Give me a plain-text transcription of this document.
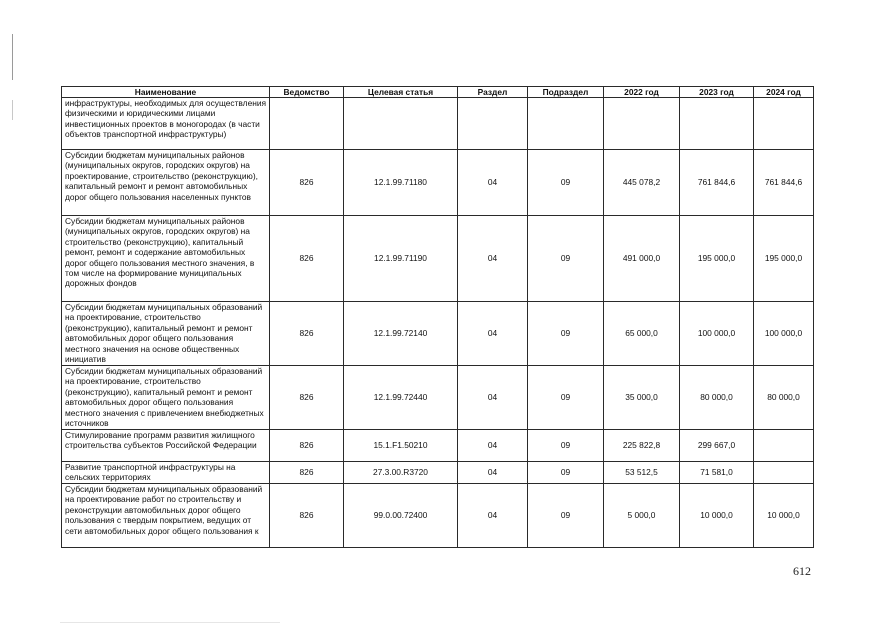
Наименование	Ведомство	Целевая статья	Раздел	Подраздел	2022 год	2023 год	2024 год
инфраструктуры, необходимых для осуществления физическими и юридическими лицами инвестиционных проектов в моногородах (в части объектов транспортной инфраструктуры)							
Субсидии бюджетам муниципальных районов (муниципальных округов, городских округов) на проектирование, строительство (реконструкцию), капитальный ремонт и ремонт автомобильных дорог общего пользования населенных пунктов	826	12.1.99.71180	04	09	445 078,2	761 844,6	761 844,6
Субсидии бюджетам муниципальных районов (муниципальных округов, городских округов) на строительство (реконструкцию), капитальный ремонт, ремонт и содержание автомобильных дорог общего пользования местного значения, в том числе на формирование муниципальных дорожных фондов	826	12.1.99.71190	04	09	491 000,0	195 000,0	195 000,0
Субсидии бюджетам муниципальных образований на проектирование, строительство (реконструкцию), капитальный ремонт и ремонт автомобильных дорог общего пользования местного значения на основе общественных инициатив	826	12.1.99.72140	04	09	65 000,0	100 000,0	100 000,0
Субсидии бюджетам муниципальных образований на проектирование, строительство (реконструкцию), капитальный ремонт и ремонт автомобильных дорог общего пользования местного значения с привлечением внебюджетных источников	826	12.1.99.72440	04	09	35 000,0	80 000,0	80 000,0
Стимулирование программ развития жилищного строительства субъектов Российской Федерации	826	15.1.F1.50210	04	09	225 822,8	299 667,0	
Развитие транспортной инфраструктуры на сельских территориях	826	27.3.00.R3720	04	09	53 512,5	71 581,0	
Субсидии бюджетам муниципальных образований на проектирование работ по строительству и реконструкции автомобильных дорог общего пользования с твердым покрытием, ведущих от сети автомобильных дорог общего пользования к	826	99.0.00.72400	04	09	5 000,0	10 000,0	10 000,0
612
